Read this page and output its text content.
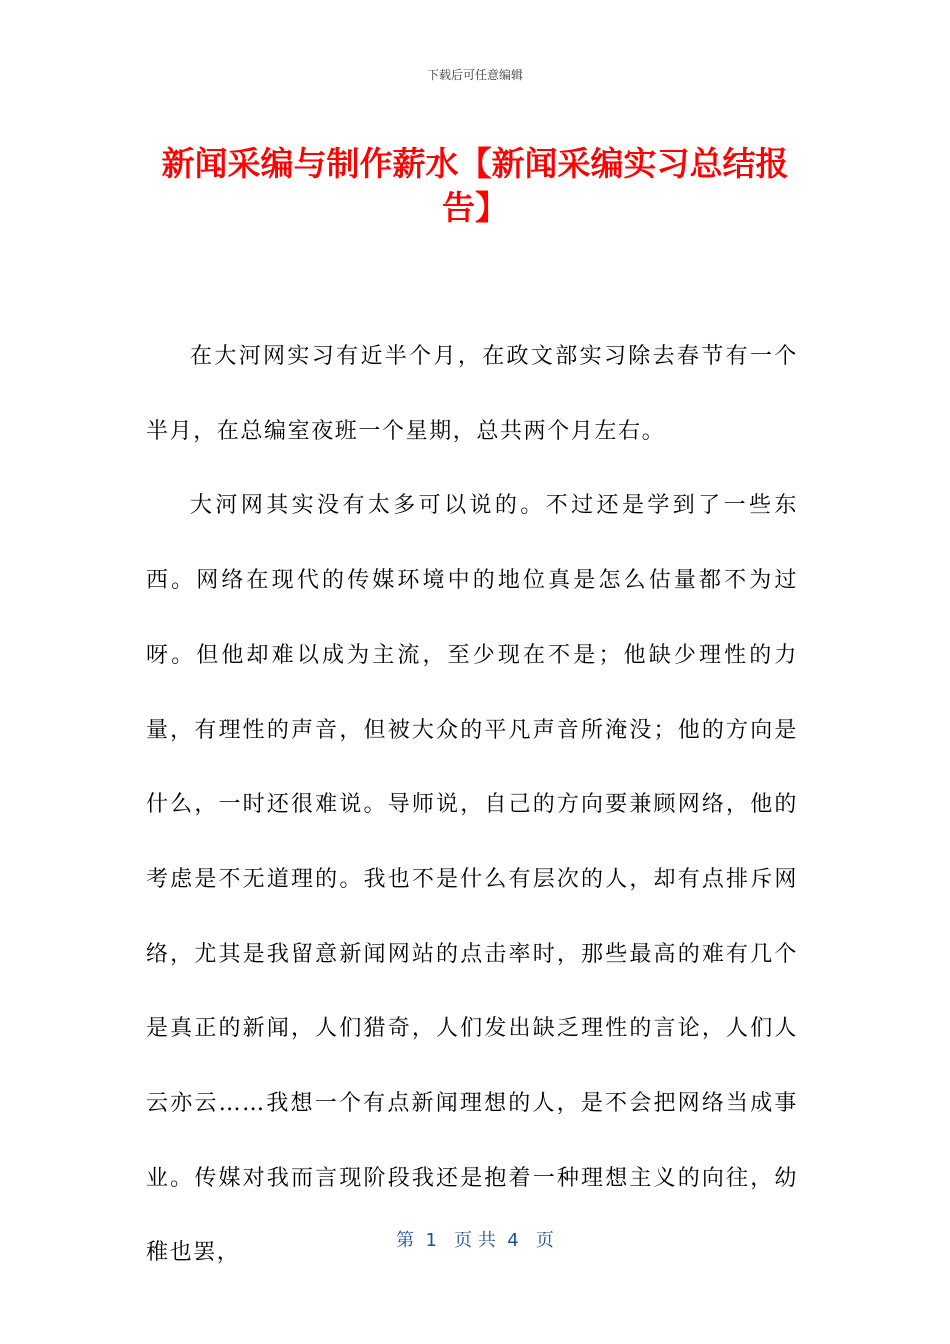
下载后可任意编辑
新闻采编与制作薪水【新闻采编实习总结报告】

在大河网实习有近半个月，在政文部实习除去春节有一个半月，在总编室夜班一个星期，总共两个月左右。

大河网其实没有太多可以说的。不过还是学到了一些东西。网络在现代的传媒环境中的地位真是怎么估量都不为过呀。但他却难以成为主流，至少现在不是；他缺少理性的力量，有理性的声音，但被大众的平凡声音所淹没；他的方向是什么，一时还很难说。导师说，自己的方向要兼顾网络，他的考虑是不无道理的。我也不是什么有层次的人，却有点排斥网络，尤其是我留意新闻网站的点击率时，那些最高的难有几个是真正的新闻，人们猎奇，人们发出缺乏理性的言论，人们人云亦云……我想一个有点新闻理想的人，是不会把网络当成事业。传媒对我而言现阶段我还是抱着一种理想主义的向往，幼稚也罢，	第  1   页 共  4   页
